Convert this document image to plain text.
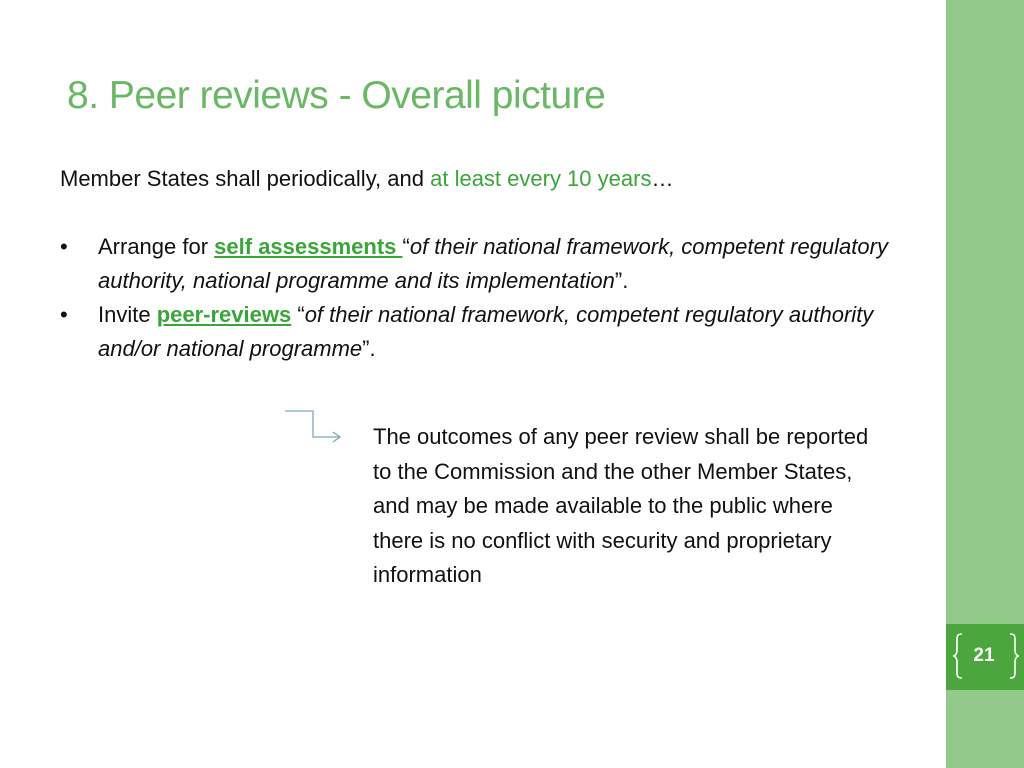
21
8. Peer reviews - Overall picture
Member States shall periodically, and at least every 10 years…
• Arrange for self assessments “of their national framework, competent regulatory authority, national programme and its implementation”.
• Invite peer-reviews “of their national framework, competent regulatory authority and/or national programme”.
The outcomes of any peer review shall be reported to the Commission and the other Member States, and may be made available to the public where there is no conflict with security and proprietary information
